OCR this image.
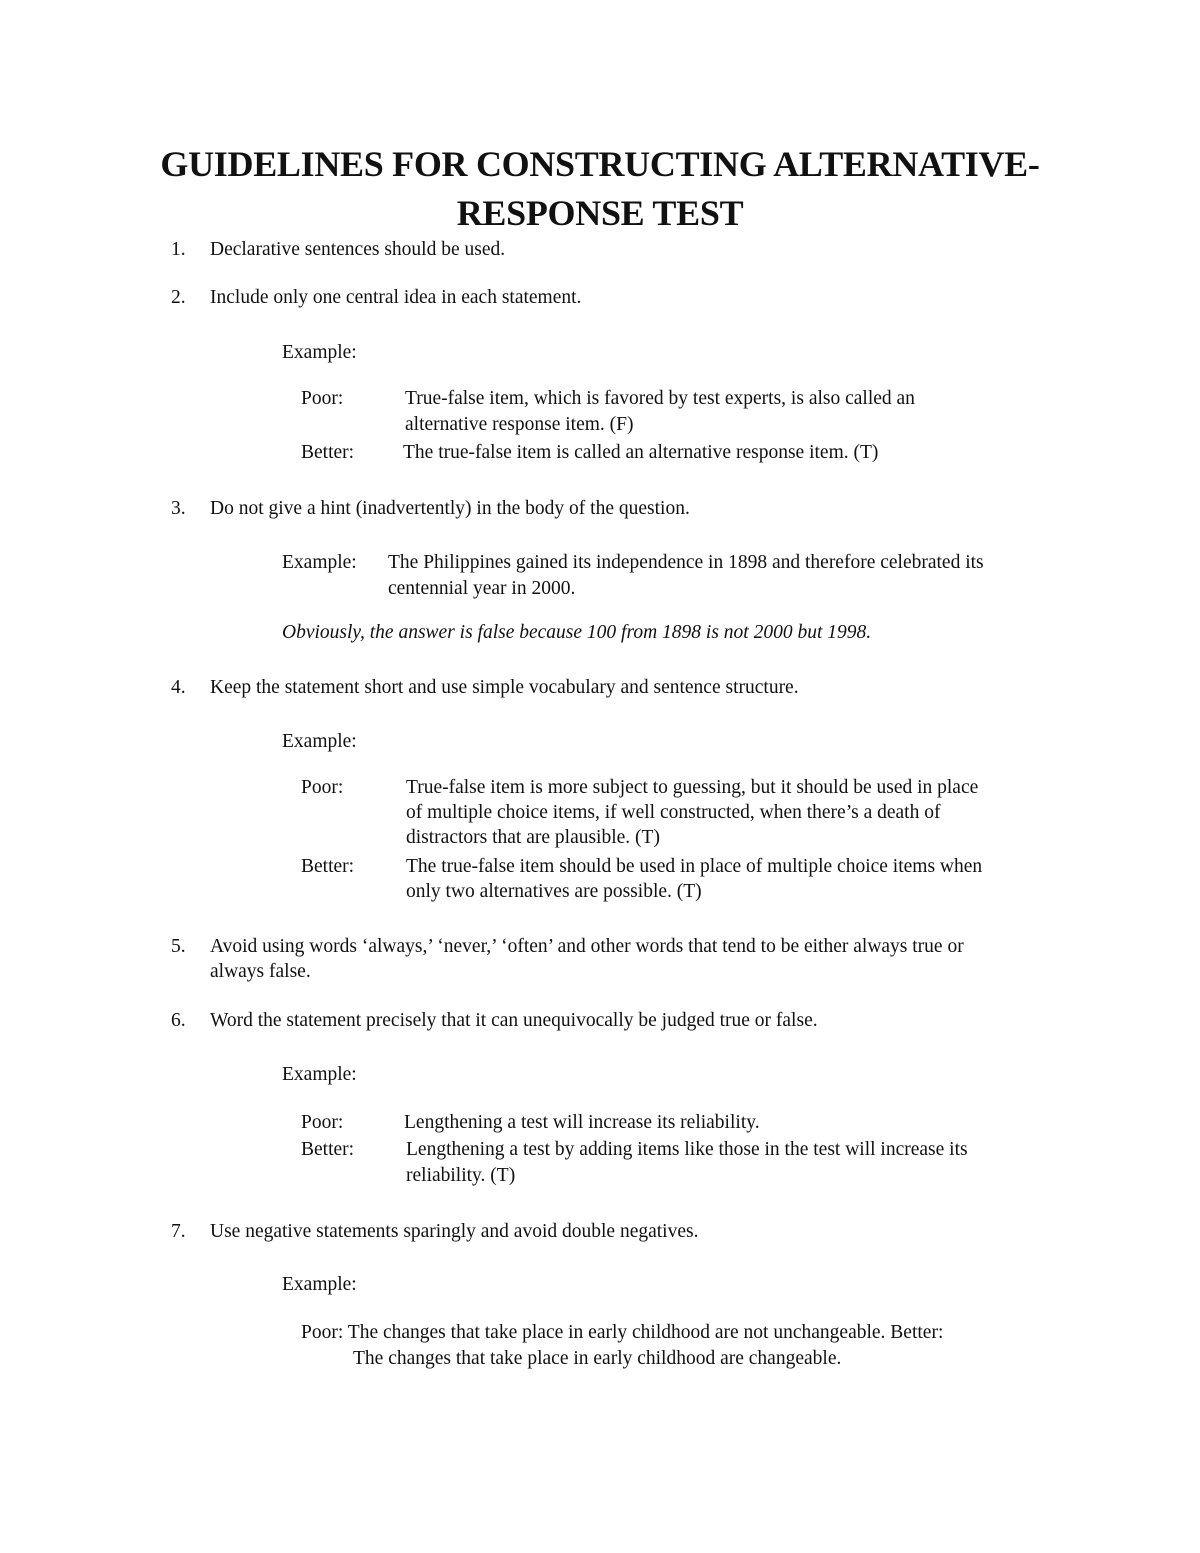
GUIDELINES FOR CONSTRUCTING ALTERNATIVE-
RESPONSE TEST
1. Declarative sentences should be used.
2. Include only one central idea in each statement.
Example:
Poor:	True-false item, which is favored by test experts, is also called an
alternative response item. (F)
Better:	The true-false item is called an alternative response item. (T)
3. Do not give a hint (inadvertently) in the body of the question.
Example: The Philippines gained its independence in 1898 and therefore celebrated its
centennial year in 2000.
Obviously, the answer is false because 100 from 1898 is not 2000 but 1998.
4. Keep the statement short and use simple vocabulary and sentence structure.
Example:
Poor:	True-false item is more subject to guessing, but it should be used in place
of multiple choice items, if well constructed, when there’s a death of
distractors that are plausible. (T)
Better:	The true-false item should be used in place of multiple choice items when
only two alternatives are possible. (T)
5. Avoid using words ‘always,’ ‘never,’ ‘often’ and other words that tend to be either always true or
always false.
6. Word the statement precisely that it can unequivocally be judged true or false.
Example:
Poor:	Lengthening a test will increase its reliability.
Better:	Lengthening a test by adding items like those in the test will increase its
reliability. (T)
7. Use negative statements sparingly and avoid double negatives.
Example:
Poor: The changes that take place in early childhood are not unchangeable. Better:
The changes that take place in early childhood are changeable.
